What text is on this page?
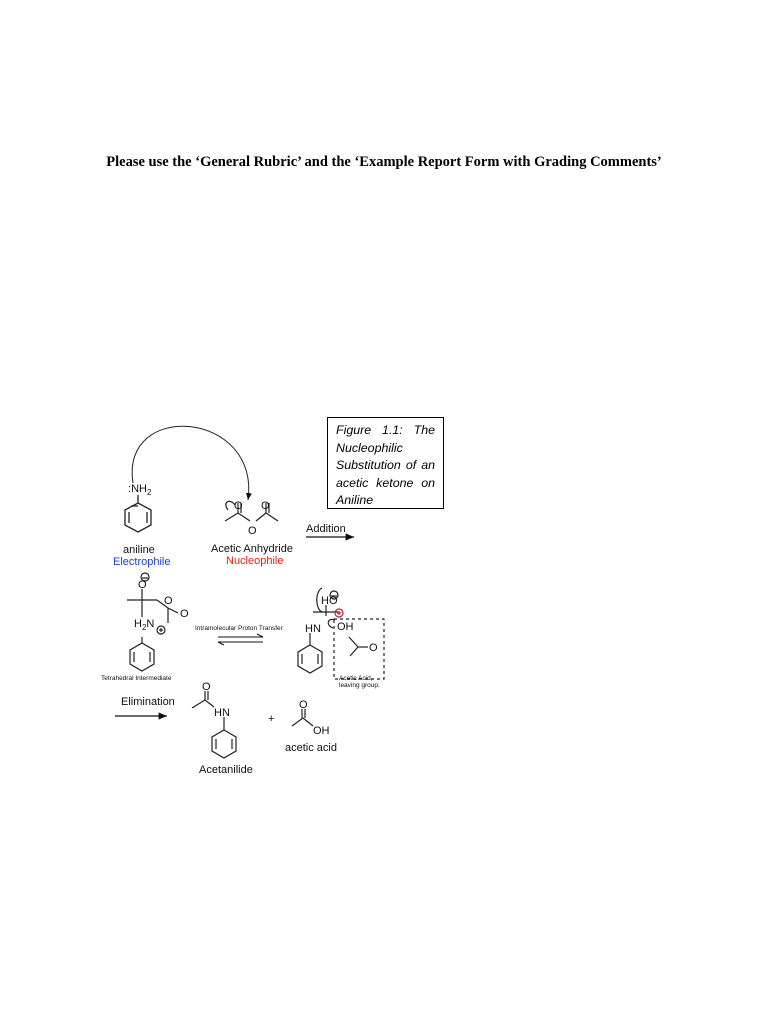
Please use the ‘General Rubric’ and the ‘Example Report Form with Grading Comments’
$:NH_2$
aniline
Electrophile
O O
O
Acetic Anhydride
Nucleophile
Addition
O
O
O
$H_2N$
Tetrahedral Intermediate
Intramolecular Proton Transfer
HO
HN OH
O
Acetic Acid,
leaving group.
Elimination
O
HN
Acetanilide
+
O
OH
acetic acid
Figure 1.1: The Nucleophilic Substitution of an acetic ketone on Aniline
